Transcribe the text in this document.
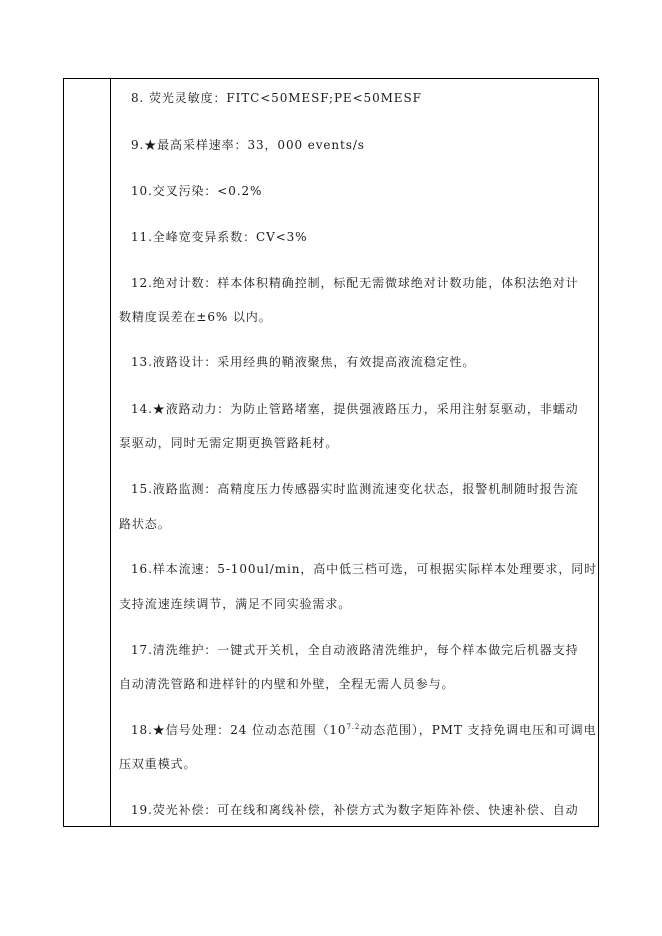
8. 荧光灵敏度：FITC<50MESF;PE<50MESF
9.★最高采样速率：33，000 events/s
10.交叉污染：<0.2%
11.全峰宽变异系数：CV<3%
12.绝对计数：样本体积精确控制，标配无需微球绝对计数功能，体积法绝对计
数精度误差在±6% 以内。
13.液路设计：采用经典的鞘液聚焦，有效提高液流稳定性。
14.★液路动力：为防止管路堵塞，提供强液路压力，采用注射泵驱动，非蠕动
泵驱动，同时无需定期更换管路耗材。
15.液路监测：高精度压力传感器实时监测流速变化状态，报警机制随时报告流
路状态。
16.样本流速：5-100ul/min，高中低三档可选，可根据实际样本处理要求，同时
支持流速连续调节，满足不同实验需求。
17.清洗维护：一键式开关机，全自动液路清洗维护，每个样本做完后机器支持
自动清洗管路和进样针的内壁和外壁，全程无需人员参与。
18.★信号处理：24 位动态范围（$10^{7.2}$动态范围），PMT 支持免调电压和可调电
压双重模式。
19.荧光补偿：可在线和离线补偿，补偿方式为数字矩阵补偿、快速补偿、自动
